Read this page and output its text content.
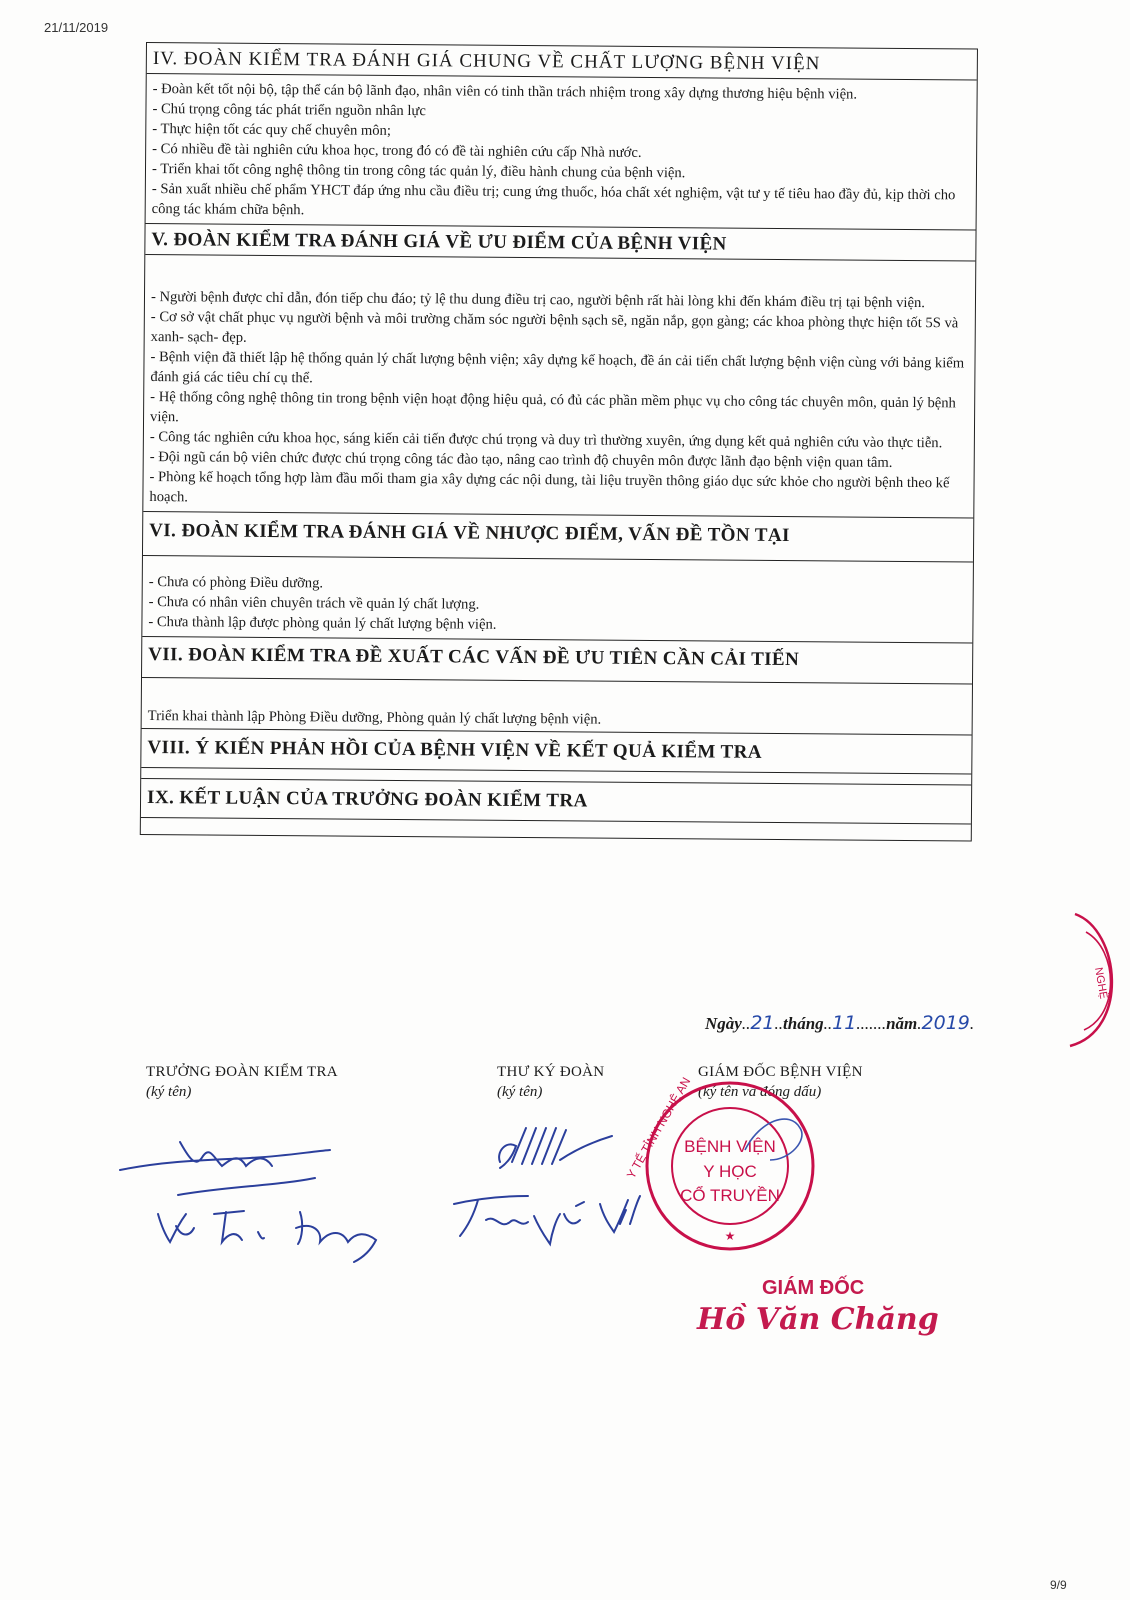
21/11/2019
IV. ĐOÀN KIỂM TRA ĐÁNH GIÁ CHUNG VỀ CHẤT LƯỢNG BỆNH VIỆN

- Đoàn kết tốt nội bộ, tập thể cán bộ lãnh đạo, nhân viên có tinh thần trách nhiệm trong xây dựng thương hiệu bệnh viện.

- Chú trọng công tác phát triển nguồn nhân lực

- Thực hiện tốt các quy chế chuyên môn;

- Có nhiều đề tài nghiên cứu khoa học, trong đó có đề tài nghiên cứu cấp Nhà nước.

- Triển khai tốt công nghệ thông tin trong công tác quản lý, điều hành chung của bệnh viện.

- Sản xuất nhiều chế phẩm YHCT đáp ứng nhu cầu điều trị; cung ứng thuốc, hóa chất xét nghiệm, vật tư y tế tiêu hao đầy đủ, kịp thời cho công tác khám chữa bệnh.

V. ĐOÀN KIỂM TRA ĐÁNH GIÁ VỀ ƯU ĐIỂM CỦA BỆNH VIỆN

- Người bệnh được chỉ dẫn, đón tiếp chu đáo; tỷ lệ thu dung điều trị cao, người bệnh rất hài lòng khi đến khám điều trị tại bệnh viện.

- Cơ sở vật chất phục vụ người bệnh và môi trường chăm sóc người bệnh sạch sẽ, ngăn nắp, gọn gàng; các khoa phòng thực hiện tốt 5S và xanh- sạch- đẹp.

- Bệnh viện đã thiết lập hệ thống quản lý chất lượng bệnh viện; xây dựng kế hoạch, đề án cải tiến chất lượng bệnh viện cùng với bảng kiểm đánh giá các tiêu chí cụ thể.

- Hệ thống công nghệ thông tin trong bệnh viện hoạt động hiệu quả, có đủ các phần mềm phục vụ cho công tác chuyên môn, quản lý bệnh viện.

- Công tác nghiên cứu khoa học, sáng kiến cải tiến được chú trọng và duy trì thường xuyên, ứng dụng kết quả nghiên cứu vào thực tiễn.

- Đội ngũ cán bộ viên chức được chú trọng công tác đào tạo, nâng cao trình độ chuyên môn được lãnh đạo bệnh viện quan tâm.

- Phòng kế hoạch tổng hợp làm đầu mối tham gia xây dựng các nội dung, tài liệu truyền thông giáo dục sức khỏe cho người bệnh theo kế hoạch.

VI. ĐOÀN KIỂM TRA ĐÁNH GIÁ VỀ NHƯỢC ĐIỂM, VẤN ĐỀ TỒN TẠI

- Chưa có phòng Điều dưỡng.

- Chưa có nhân viên chuyên trách về quản lý chất lượng.

- Chưa thành lập được phòng quản lý chất lượng bệnh viện.

VII. ĐOÀN KIỂM TRA ĐỀ XUẤT CÁC VẤN ĐỀ ƯU TIÊN CẦN CẢI TIẾN

Triển khai thành lập Phòng Điều dưỡng, Phòng quản lý chất lượng bệnh viện.

VIII. Ý KIẾN PHẢN HỒI CỦA BỆNH VIỆN VỀ KẾT QUẢ KIỂM TRA
IX. KẾT LUẬN CỦA TRƯỞNG ĐOÀN KIỂM TRA
Ngày..21..tháng..11.......năm.2019.
TRƯỞNG ĐOÀN KIỂM TRA
(ký tên)
THƯ KÝ ĐOÀN
(ký tên)
GIÁM ĐỐC BỆNH VIỆN
(ký tên và đóng dấu)
BỆNH VIỆN
Y HỌC
CỔ TRUYỀN
Y TẾ TỈNH NGHỆ AN
★
NGHỆ
GIÁM ĐỐC
Hồ Văn Chăng
9/9
